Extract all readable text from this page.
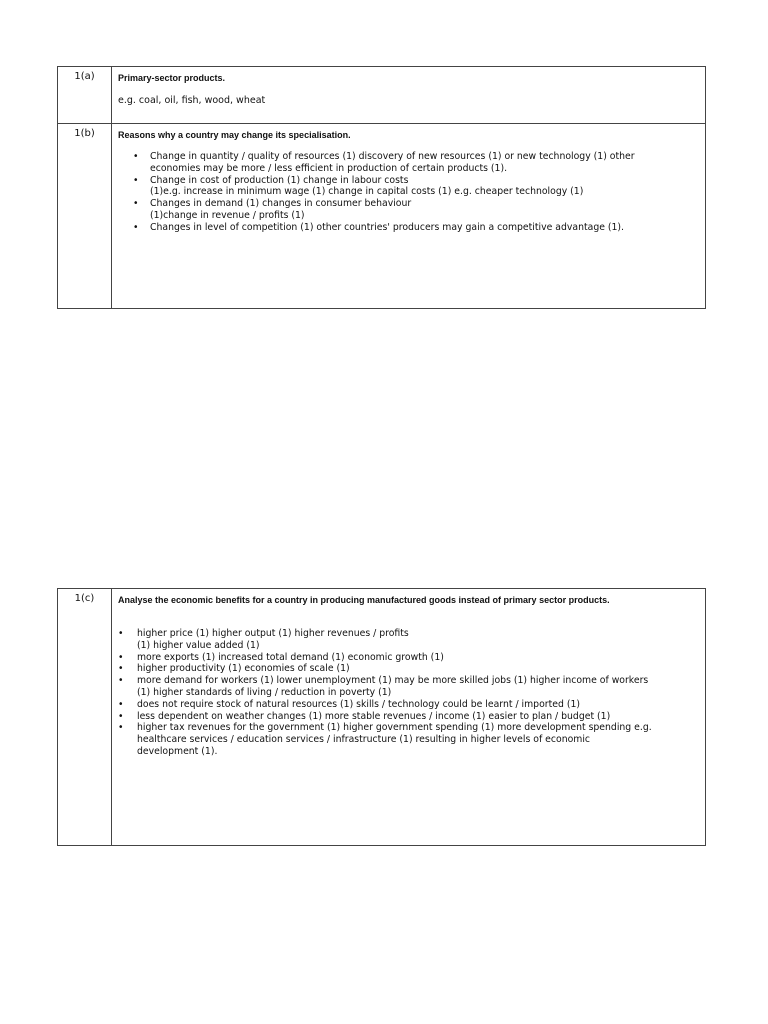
1(a)	Primary-sector products.

e.g. coal, oil, fish, wood, wheat

1(b)	Reasons why a country may change its specialisation.

• Change in quantity / quality of resources (1) discovery of new resources (1) or new technology (1) other
economies may be more / less efficient in production of certain products (1).
• Change in cost of production (1) change in labour costs
(1)e.g. increase in minimum wage (1) change in capital costs (1) e.g. cheaper technology (1)
• Changes in demand (1) changes in consumer behaviour
(1)change in revenue / profits (1)
• Changes in level of competition (1) other countries' producers may gain a competitive advantage (1).
1(c)	Analyse the economic benefits for a country in producing manufactured goods instead of primary sector products.

• higher price (1) higher output (1) higher revenues / profits
(1) higher value added (1)
• more exports (1) increased total demand (1) economic growth (1)
• higher productivity (1) economies of scale (1)
• more demand for workers (1) lower unemployment (1) may be more skilled jobs (1) higher income of workers
(1) higher standards of living / reduction in poverty (1)
• does not require stock of natural resources (1) skills / technology could be learnt / imported (1)
• less dependent on weather changes (1) more stable revenues / income (1) easier to plan / budget (1)
• higher tax revenues for the government (1) higher government spending (1) more development spending e.g.
healthcare services / education services / infrastructure (1) resulting in higher levels of economic
development (1).
